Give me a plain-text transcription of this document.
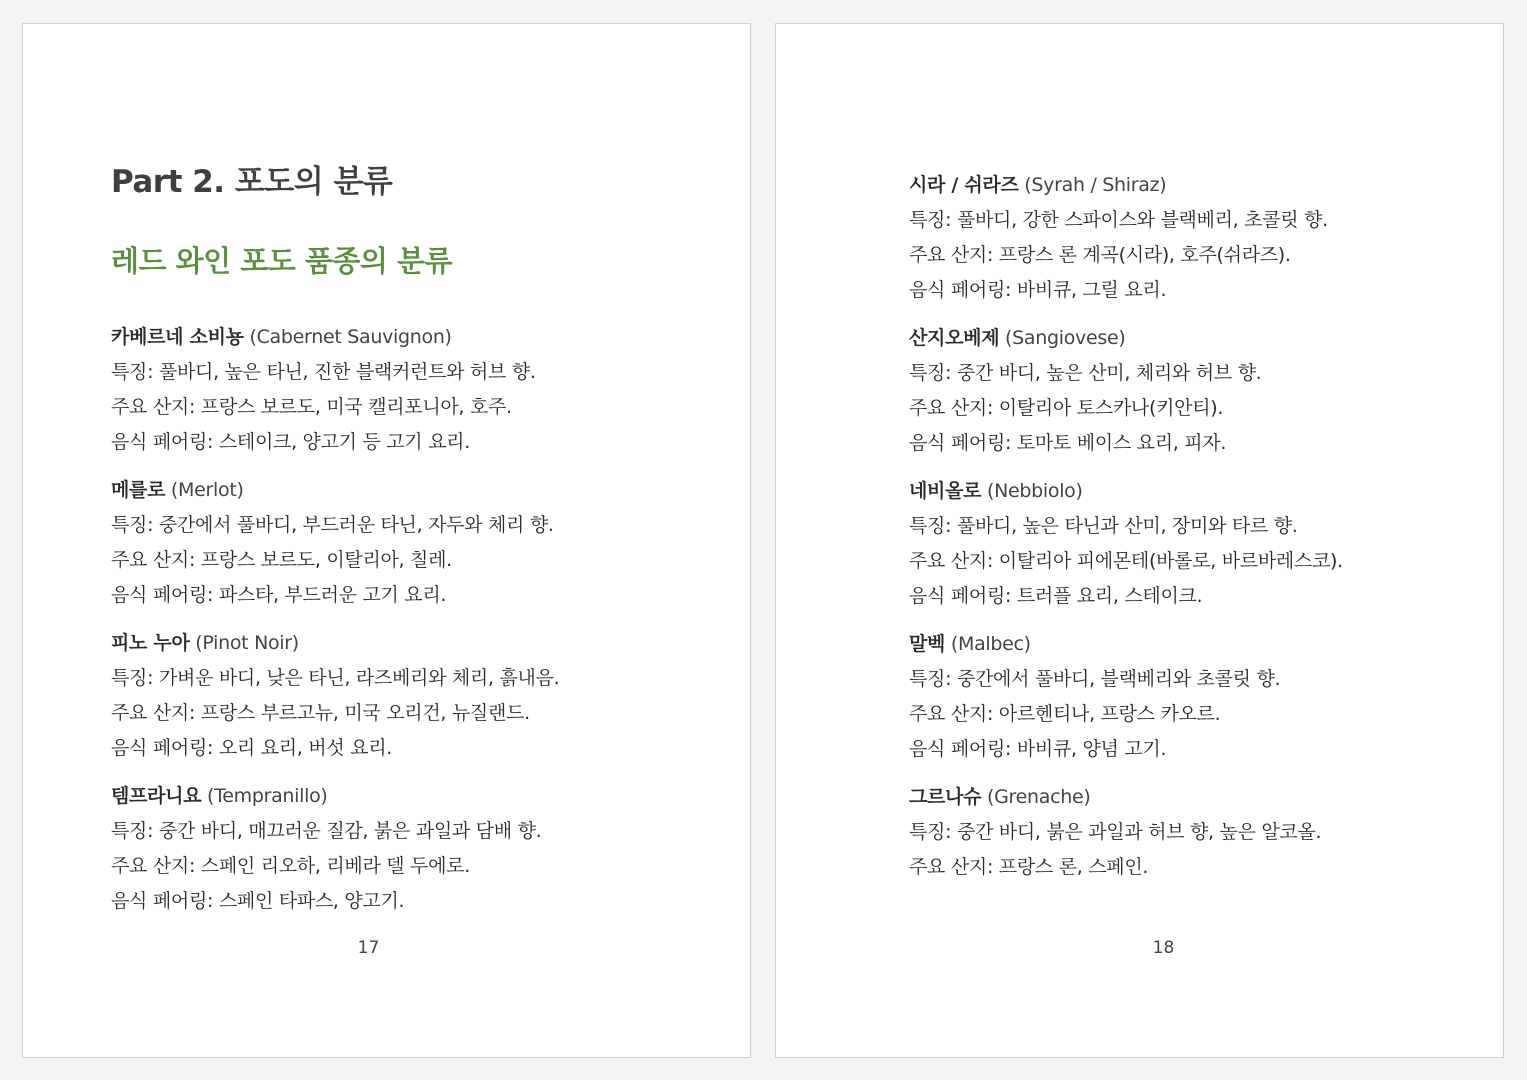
Part 2. 포도의 분류
레드 와인 포도 품종의 분류
카베르네 소비뇽 (Cabernet Sauvignon)
특징: 풀바디, 높은 타닌, 진한 블랙커런트와 허브 향.
주요 산지: 프랑스 보르도, 미국 캘리포니아, 호주.
음식 페어링: 스테이크, 양고기 등 고기 요리.
메를로 (Merlot)
특징: 중간에서 풀바디, 부드러운 타닌, 자두와 체리 향.
주요 산지: 프랑스 보르도, 이탈리아, 칠레.
음식 페어링: 파스타, 부드러운 고기 요리.
피노 누아 (Pinot Noir)
특징: 가벼운 바디, 낮은 타닌, 라즈베리와 체리, 흙내음.
주요 산지: 프랑스 부르고뉴, 미국 오리건, 뉴질랜드.
음식 페어링: 오리 요리, 버섯 요리.
템프라니요 (Tempranillo)
특징: 중간 바디, 매끄러운 질감, 붉은 과일과 담배 향.
주요 산지: 스페인 리오하, 리베라 델 두에로.
음식 페어링: 스페인 타파스, 양고기.
17
시라 / 쉬라즈 (Syrah / Shiraz)
특징: 풀바디, 강한 스파이스와 블랙베리, 초콜릿 향.
주요 산지: 프랑스 론 계곡(시라), 호주(쉬라즈).
음식 페어링: 바비큐, 그릴 요리.
산지오베제 (Sangiovese)
특징: 중간 바디, 높은 산미, 체리와 허브 향.
주요 산지: 이탈리아 토스카나(키안티).
음식 페어링: 토마토 베이스 요리, 피자.
네비올로 (Nebbiolo)
특징: 풀바디, 높은 타닌과 산미, 장미와 타르 향.
주요 산지: 이탈리아 피에몬테(바롤로, 바르바레스코).
음식 페어링: 트러플 요리, 스테이크.
말벡 (Malbec)
특징: 중간에서 풀바디, 블랙베리와 초콜릿 향.
주요 산지: 아르헨티나, 프랑스 카오르.
음식 페어링: 바비큐, 양념 고기.
그르나슈 (Grenache)
특징: 중간 바디, 붉은 과일과 허브 향, 높은 알코올.
주요 산지: 프랑스 론, 스페인.
18
